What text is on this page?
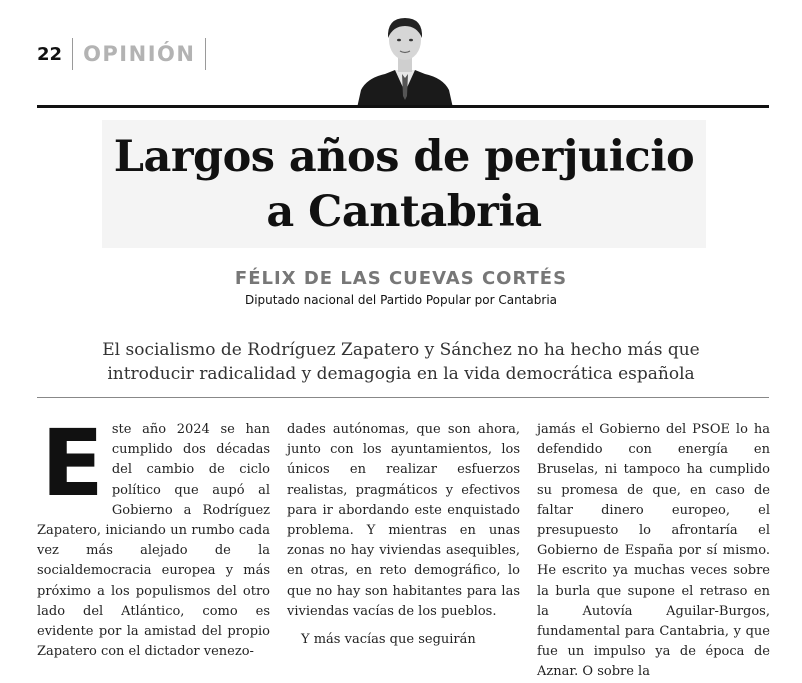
22	OPINIÓN
Largos años de perjuicio
a Cantabria
FÉLIX DE LAS CUEVAS CORTÉS
Diputado nacional del Partido Popular por Cantabria
El socialismo de Rodríguez Zapatero y Sánchez no ha hecho más que
introducir radicalidad y demagogia en la vida democrática española
E ste año 2024 se han cumplido dos décadas del cambio de ciclo político que aupó al Gobierno a Rodríguez Zapatero, iniciando un rumbo cada vez más alejado de la socialdemocracia europea y más próximo a los populismos del otro lado del Atlántico, como es evidente por la amistad del propio Zapatero con el dictador venezo-

dades autónomas, que son ahora, junto con los ayuntamientos, los únicos en realizar esfuerzos realistas, pragmáticos y efectivos para ir abordando este enquistado problema. Y mientras en unas zonas no hay viviendas asequibles, en otras, en reto demográfico, lo que no hay son habitantes para las viviendas vacías de los pueblos.

Y más vacías que seguirán

jamás el Gobierno del PSOE lo ha defendido con energía en Bruselas, ni tampoco ha cumplido su promesa de que, en caso de faltar dinero europeo, el presupuesto lo afrontaría el Gobierno de España por sí mismo. He escrito ya muchas veces sobre la burla que supone el retraso en la Autovía Aguilar-Burgos, fundamental para Cantabria, y que fue un impulso ya de época de Aznar. O sobre la
